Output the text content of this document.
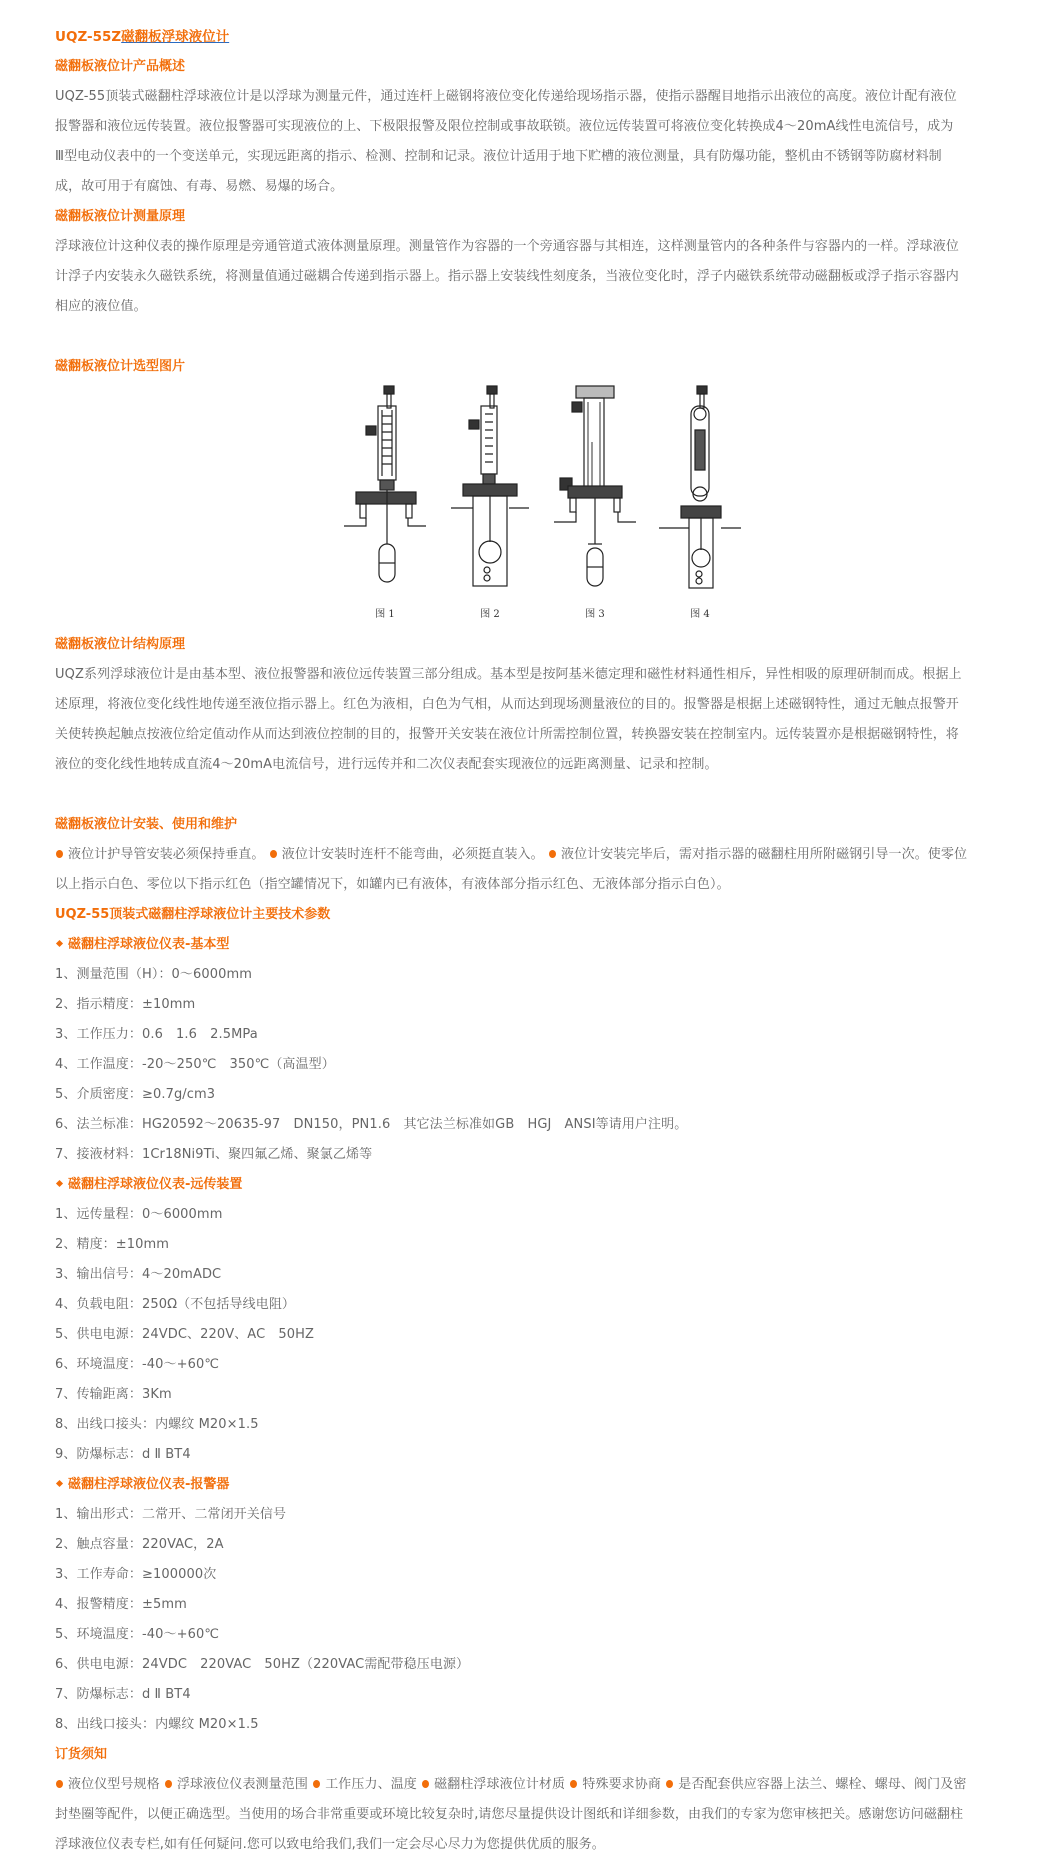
UQZ-55Z磁翻板浮球液位计
磁翻板液位计产品概述
UQZ-55顶装式磁翻柱浮球液位计是以浮球为测量元件，通过连杆上磁钢将液位变化传递给现场指示器，使指示器醒目地指示出液位的高度。液位计配有液位
报警器和液位远传装置。液位报警器可实现液位的上、下极限报警及限位控制或事故联锁。液位远传装置可将液位变化转换成4～20mA线性电流信号，成为
Ⅲ型电动仪表中的一个变送单元，实现远距离的指示、检测、控制和记录。液位计适用于地下贮槽的液位测量，具有防爆功能，整机由不锈钢等防腐材料制
成，故可用于有腐蚀、有毒、易燃、易爆的场合。
磁翻板液位计测量原理
浮球液位计这种仪表的操作原理是旁通管道式液体测量原理。测量管作为容器的一个旁通容器与其相连，这样测量管内的各种条件与容器内的一样。浮球液位
计浮子内安装永久磁铁系统，将测量值通过磁耦合传递到指示器上。指示器上安装线性刻度条，当液位变化时，浮子内磁铁系统带动磁翻板或浮子指示容器内
相应的液位值。
磁翻板液位计选型图片
图 1	图 2	图 3	图 4
磁翻板液位计结构原理
UQZ系列浮球液位计是由基本型、液位报警器和液位远传装置三部分组成。基本型是按阿基米德定理和磁性材料通性相斥，异性相吸的原理研制而成。根据上
述原理，将液位变化线性地传递至液位指示器上。红色为液相，白色为气相，从而达到现场测量液位的目的。报警器是根据上述磁钢特性，通过无触点报警开
关使转换起触点按液位给定值动作从而达到液位控制的目的，报警开关安装在液位计所需控制位置，转换器安装在控制室内。远传装置亦是根据磁钢特性，将
液位的变化线性地转成直流4～20mA电流信号，进行远传并和二次仪表配套实现液位的远距离测量、记录和控制。
磁翻板液位计安装、使用和维护
液位计护导管安装必须保持垂直。 液位计安装时连杆不能弯曲，必须挺直装入。 液位计安装完毕后，需对指示器的磁翻柱用所附磁钢引导一次。使零位
以上指示白色、零位以下指示红色（指空罐情况下，如罐内已有液体，有液体部分指示红色、无液体部分指示白色）。
UQZ-55顶装式磁翻柱浮球液位计主要技术参数
磁翻柱浮球液位仪表-基本型
1、测量范围（H）：0～6000mm
2、指示精度：±10mm
3、工作压力：0.6　1.6　2.5MPa
4、工作温度：-20～250℃　350℃（高温型）
5、介质密度：≥0.7g/cm3
6、法兰标准：HG20592～20635-97　DN150，PN1.6　其它法兰标准如GB　HGJ　ANSI等请用户注明。
7、接液材料：1Cr18Ni9Ti、聚四氟乙烯、聚氯乙烯等
磁翻柱浮球液位仪表-远传装置
1、远传量程：0～6000mm
2、精度：±10mm
3、输出信号：4～20mADC
4、负载电阻：250Ω（不包括导线电阻）
5、供电电源：24VDC、220V、AC　50HZ
6、环境温度：-40～+60℃
7、传输距离：3Km
8、出线口接头：内螺纹 M20×1.5
9、防爆标志：d Ⅱ BT4
磁翻柱浮球液位仪表-报警器
1、输出形式：二常开、二常闭开关信号
2、触点容量：220VAC，2A
3、工作寿命：≥100000次
4、报警精度：±5mm
5、环境温度：-40～+60℃
6、供电电源：24VDC　220VAC　50HZ（220VAC需配带稳压电源）
7、防爆标志：d Ⅱ BT4
8、出线口接头：内螺纹 M20×1.5
订货须知
液位仪型号规格 浮球液位仪表测量范围 工作压力、温度 磁翻柱浮球液位计材质 特殊要求协商 是否配套供应容器上法兰、螺栓、螺母、阀门及密
封垫圈等配件，以便正确选型。当使用的场合非常重要或环境比较复杂时,请您尽量提供设计图纸和详细参数，由我们的专家为您审核把关。感谢您访问磁翻柱
浮球液位仪表专栏,如有任何疑问.您可以致电给我们,我们一定会尽心尽力为您提供优质的服务。
